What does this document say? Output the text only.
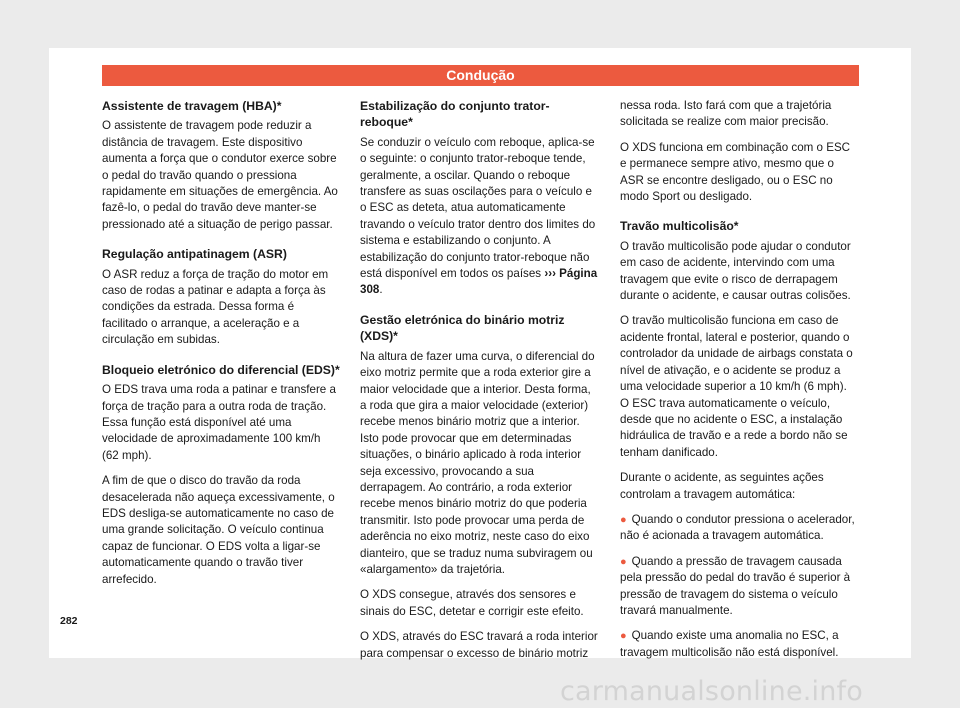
Condução
Assistente de travagem (HBA)*

O assistente de travagem pode reduzir a distância de travagem. Este dispositivo aumenta a força que o condutor exerce sobre o pedal do travão quando o pressiona rapidamente em situações de emergência. Ao fazê-lo, o pedal do travão deve manter-se pressionado até a situação de perigo passar.

Regulação antipatinagem (ASR)

O ASR reduz a força de tração do motor em caso de rodas a patinar e adapta a força às condições da estrada. Dessa forma é facilitado o arranque, a aceleração e a circulação em subidas.

Bloqueio eletrónico do diferencial (EDS)*

O EDS trava uma roda a patinar e transfere a força de tração para a outra roda de tração. Essa função está disponível até uma velocidade de aproximadamente 100 km/h (62 mph).

A fim de que o disco do travão da roda desacelerada não aqueça excessivamente, o EDS desliga-se automaticamente no caso de uma grande solicitação. O veículo continua capaz de funcionar. O EDS volta a ligar-se automaticamente quando o travão tiver arrefecido.

Estabilização do conjunto trator-reboque*

Se conduzir o veículo com reboque, aplica-se o seguinte: o conjunto trator-reboque tende, geralmente, a oscilar. Quando o reboque transfere as suas oscilações para o veículo e o ESC as deteta, atua automaticamente travando o veículo trator dentro dos limites do sistema e estabilizando o conjunto. A estabilização do conjunto trator-reboque não está disponível em todos os países ››› Página 308.

Gestão eletrónica do binário motriz (XDS)*

Na altura de fazer uma curva, o diferencial do eixo motriz permite que a roda exterior gire a maior velocidade que a interior. Desta forma, a roda que gira a maior velocidade (exterior) recebe menos binário motriz que a interior. Isto pode provocar que em determinadas situações, o binário aplicado à roda interior seja excessivo, provocando a sua derrapagem. Ao contrário, a roda exterior recebe menos binário motriz do que poderia transmitir. Isto pode provocar uma perda de aderência no eixo motriz, neste caso do eixo dianteiro, que se traduz numa subviragem ou «alargamento» da trajetória.

O XDS consegue, através dos sensores e sinais do ESC, detetar e corrigir este efeito.

O XDS, através do ESC travará a roda interior para compensar o excesso de binário motriz

nessa roda. Isto fará com que a trajetória solicitada se realize com maior precisão.

O XDS funciona em combinação com o ESC e permanece sempre ativo, mesmo que o ASR se encontre desligado, ou o ESC no modo Sport ou desligado.

Travão multicolisão*

O travão multicolisão pode ajudar o condutor em caso de acidente, intervindo com uma travagem que evite o risco de derrapagem durante o acidente, e causar outras colisões.

O travão multicolisão funciona em caso de acidente frontal, lateral e posterior, quando o controlador da unidade de airbags constata o nível de ativação, e o acidente se produz a uma velocidade superior a 10 km/h (6 mph). O ESC trava automaticamente o veículo, desde que no acidente o ESC, a instalação hidráulica de travão e a rede a bordo não se tenham danificado.

Durante o acidente, as seguintes ações controlam a travagem automática:

● Quando o condutor pressiona o acelerador, não é acionada a travagem automática.

● Quando a pressão de travagem causada pela pressão do pedal do travão é superior à pressão de travagem do sistema o veículo travará manualmente.

● Quando existe uma anomalia no ESC, a travagem multicolisão não está disponível.

282
carmanualsonline.info
